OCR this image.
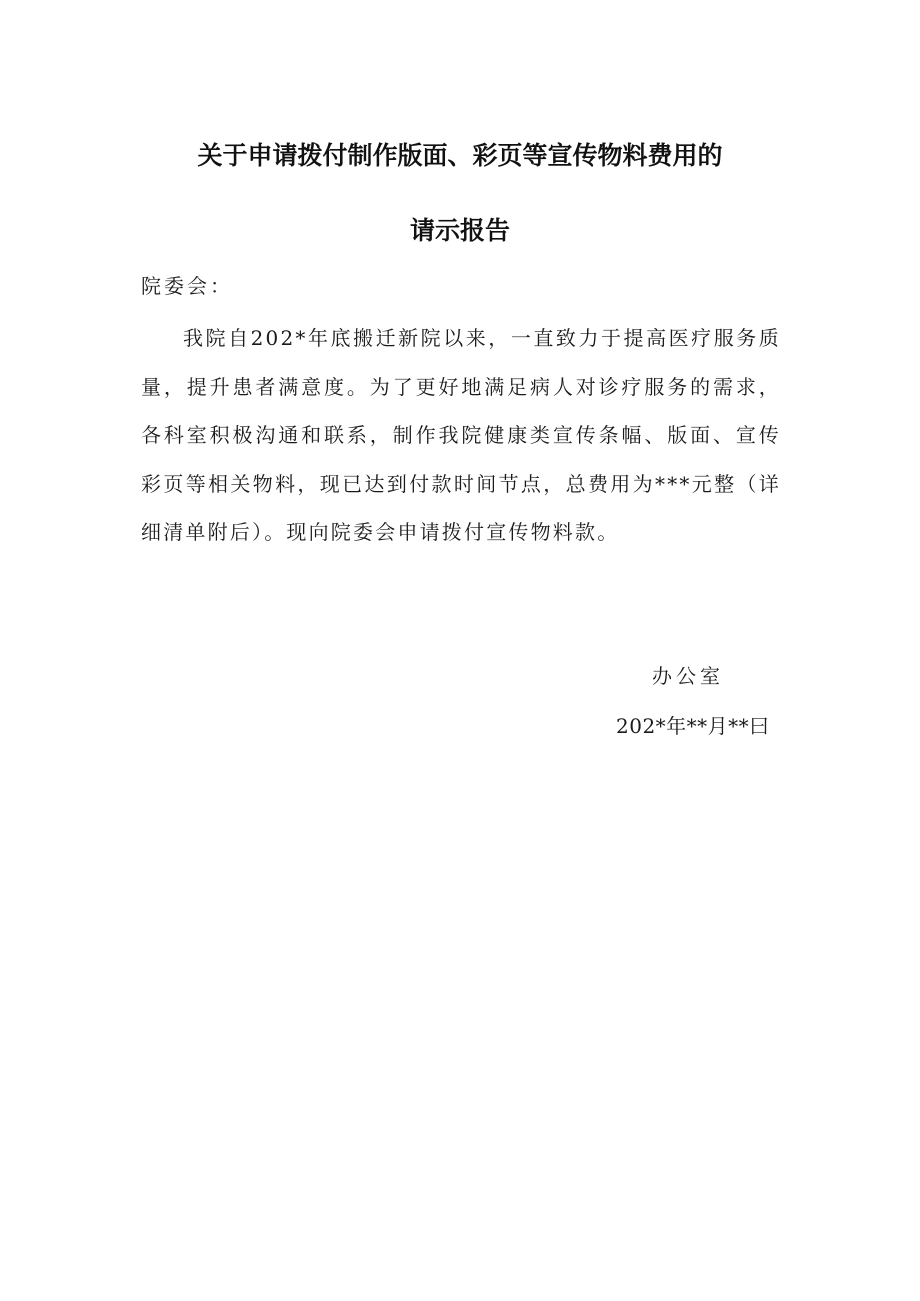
关于申请拨付制作版面、彩页等宣传物料费用的
请示报告
院委会：
我院自202*年底搬迁新院以来，一直致力于提高医疗服务质量，提升患者满意度。为了更好地满足病人对诊疗服务的需求，各科室积极沟通和联系，制作我院健康类宣传条幅、版面、宣传彩页等相关物料，现已达到付款时间节点，总费用为***元整（详细清单附后）。现向院委会申请拨付宣传物料款。
办公室
202*年**月**曰
